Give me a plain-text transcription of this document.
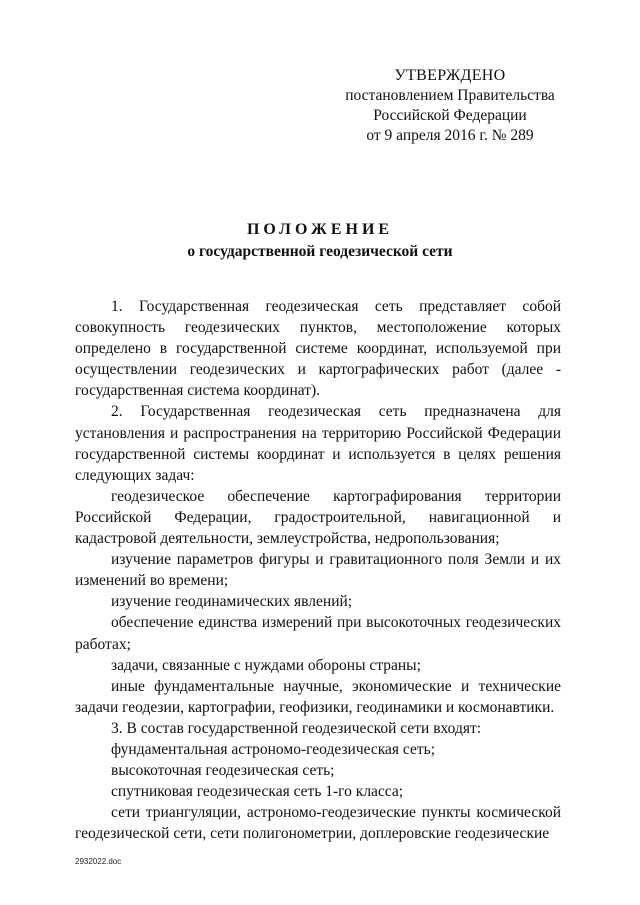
УТВЕРЖДЕНО
постановлением Правительства
Российской Федерации
от 9 апреля 2016 г. № 289
ПОЛОЖЕНИЕ
о государственной геодезической сети

1. Государственная геодезическая сеть представляет собой совокупность геодезических пунктов, местоположение которых определено в государственной системе координат, используемой при осуществлении геодезических и картографических работ (далее - государственная система координат).

2. Государственная геодезическая сеть предназначена для установления и распространения на территорию Российской Федерации государственной системы координат и используется в целях решения следующих задач:

геодезическое обеспечение картографирования территории Российской Федерации, градостроительной, навигационной и кадастровой деятельности, землеустройства, недропользования;

изучение параметров фигуры и гравитационного поля Земли и их изменений во времени;

изучение геодинамических явлений;

обеспечение единства измерений при высокоточных геодезических работах;

задачи, связанные с нуждами обороны страны;

иные фундаментальные научные, экономические и технические задачи геодезии, картографии, геофизики, геодинамики и космонавтики.

3. В состав государственной геодезической сети входят:

фундаментальная астрономо-геодезическая сеть;

высокоточная геодезическая сеть;

спутниковая геодезическая сеть 1-го класса;

сети триангуляции, астрономо-геодезические пункты космической геодезической сети, сети полигонометрии, доплеровские геодезические

2932022.doc
